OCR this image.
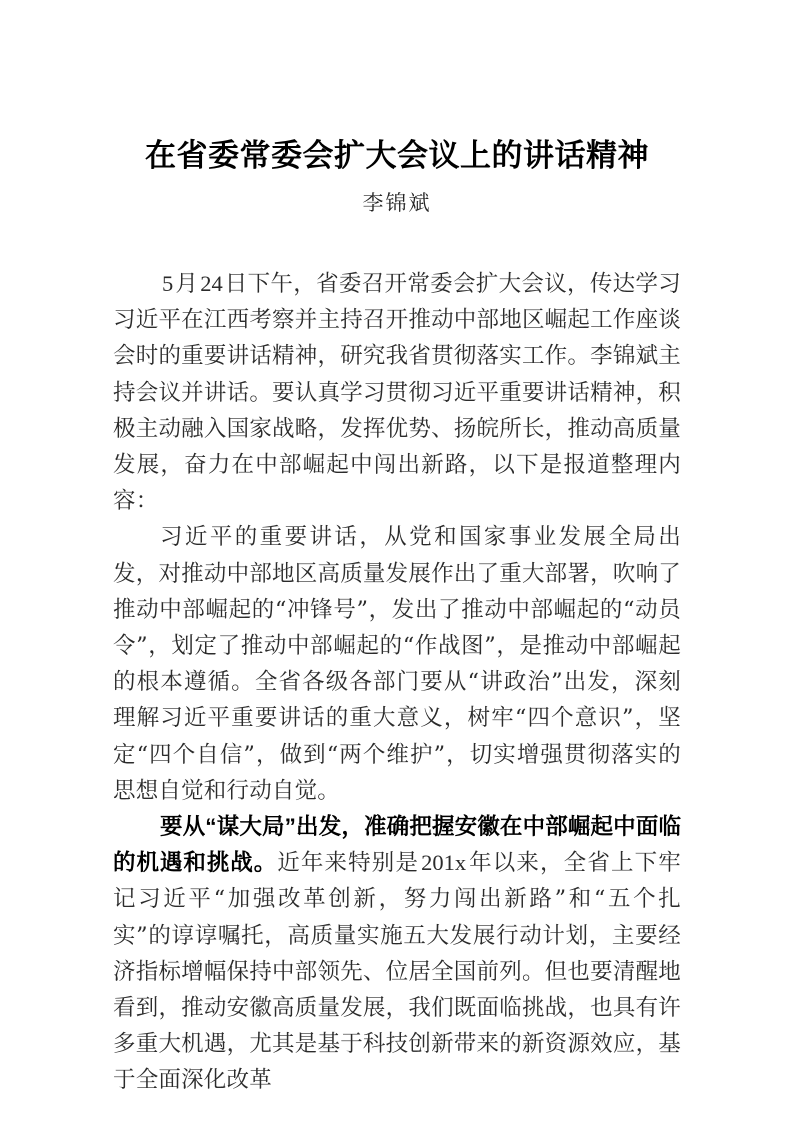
在省委常委会扩大会议上的讲话精神
李锦斌

5月24日下午，省委召开常委会扩大会议，传达学习习近平在江西考察并主持召开推动中部地区崛起工作座谈会时的重要讲话精神，研究我省贯彻落实工作。李锦斌主持会议并讲话。要认真学习贯彻习近平重要讲话精神，积极主动融入国家战略，发挥优势、扬皖所长，推动高质量发展，奋力在中部崛起中闯出新路，以下是报道整理内容：

习近平的重要讲话，从党和国家事业发展全局出发，对推动中部地区高质量发展作出了重大部署，吹响了推动中部崛起的“冲锋号”，发出了推动中部崛起的“动员令”，划定了推动中部崛起的“作战图”，是推动中部崛起的根本遵循。全省各级各部门要从“讲政治”出发，深刻理解习近平重要讲话的重大意义，树牢“四个意识”，坚定“四个自信”，做到“两个维护”，切实增强贯彻落实的思想自觉和行动自觉。

要从“谋大局”出发，准确把握安徽在中部崛起中面临的机遇和挑战。近年来特别是201x年以来，全省上下牢记习近平“加强改革创新，努力闯出新路”和“五个扎实”的谆谆嘱托，高质量实施五大发展行动计划，主要经济指标增幅保持中部领先、位居全国前列。但也要清醒地看到，推动安徽高质量发展，我们既面临挑战，也具有许多重大机遇，尤其是基于科技创新带来的新资源效应，基于全面深化改革
